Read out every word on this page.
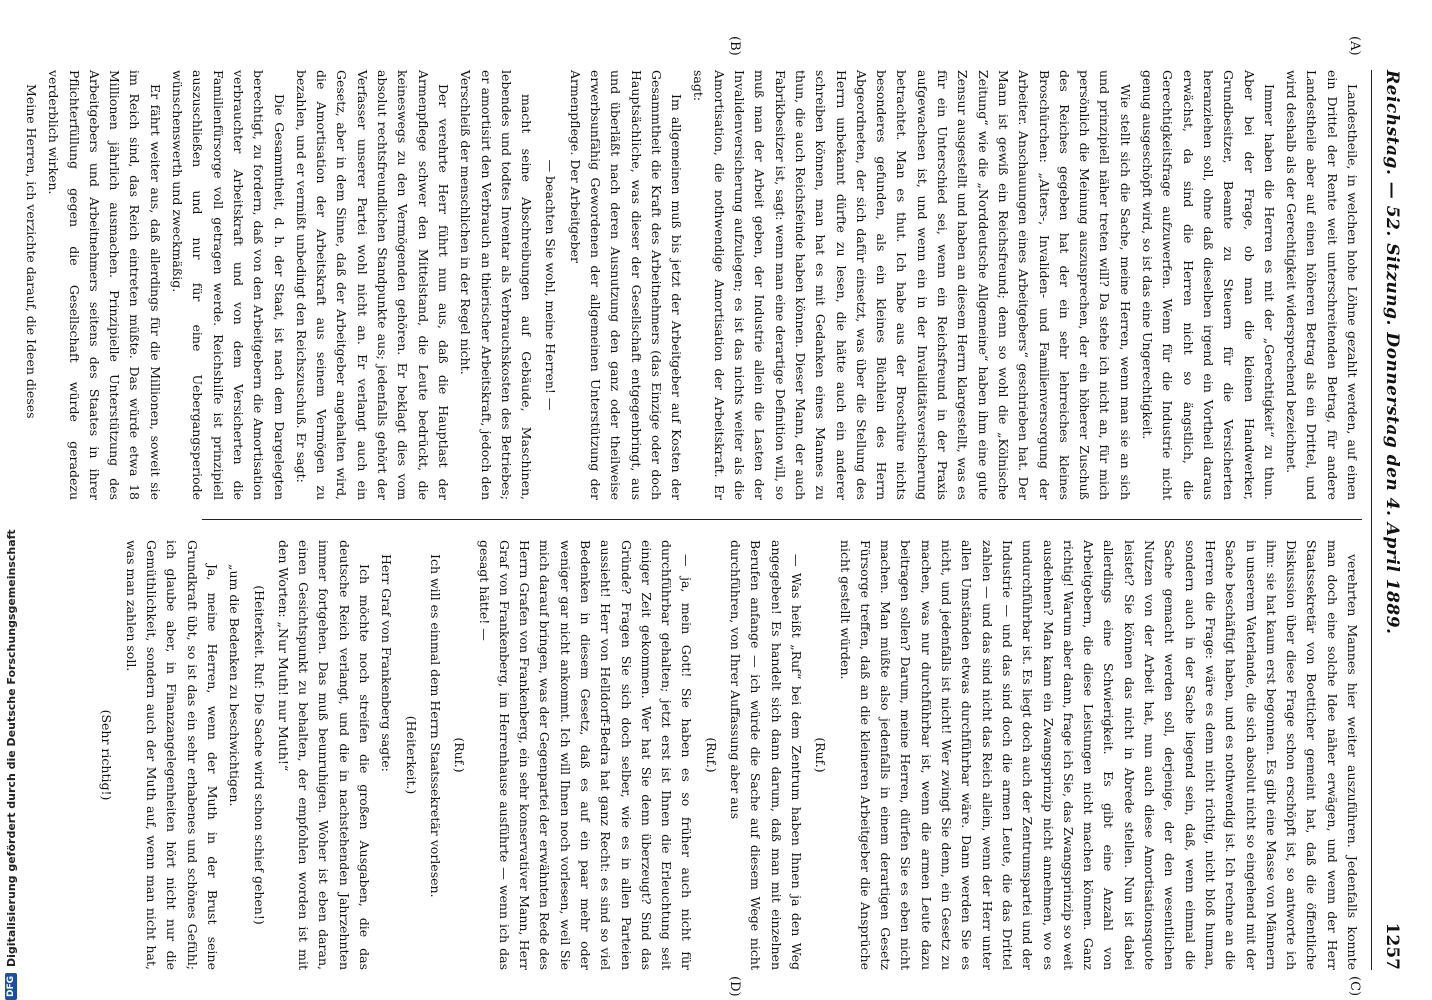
Reichstag. — 52. Sitzung. Donnerstag den 4. April 1889.
1257
(A)
(B)
(C)
(D)

Landestheile, in welchen hohe Löhne gezahlt werden, auf einen ein Drittel der Rente weit unterschreitenden Betrag, für andere Landestheile aber auf einen höheren Betrag als ein Drittel, und wird deshalb als der Gerechtigkeit widersprechend bezeichnet.

Immer haben die Herren es mit der „Gerechtigkeit“ zu thun. Aber bei der Frage, ob man die kleinen Handwerker, Grundbesitzer, Beamte zu Steuern für die Versicherten heranziehen soll, ohne daß dieselben irgend ein Vortheil daraus erwächst, da sind die Herren nicht so ängstlich, die Gerechtigkeitsfrage aufzuwerfen. Wenn für die Industrie nicht genug ausgeschöpft wird, so ist das eine Ungerechtigkeit.

Wie stellt sich die Sache, meine Herren, wenn man sie an sich und prinzipiell näher treten will? Da stehe ich nicht an, für mich persönlich die Meinung auszusprechen, der ein höherer Zuschuß des Reiches gegeben hat der ein sehr lehrreiches kleines Broschürchen: „Alters-, Invaliden- und Familienversorgung der Arbeiter. Anschauungen eines Arbeitgebers“ geschrieben hat. Der Mann ist gewiß ein Reichsfreund; denn so wohl die „Kölnische Zeitung“ wie die „Norddeutsche Allgemeine“ haben ihm eine gute Zensur ausgestellt und haben an diesem Herrn klargestellt, was es für ein Unterschied sei, wenn ein Reichsfreund in der Praxis aufgewachsen ist, und wenn ein in der Invaliditätsversicherung betrachtet. Man es thut. Ich habe aus der Broschüre nichts besonderes gefunden, als ein kleines Büchlein des Herrn Abgeordneten, der sich dafür einsetzt, was über die Stellung des Herrn unbekannt dürfte zu lesen, die hätte auch ein anderer schreiben können, man hat es mit Gedanken eines Mannes zu thun, die auch Reichsfeinde haben können. Dieser Mann, der auch Fabrikbesitzer ist, sagt: wenn man eine derartige Definition will, so muß man der Arbeit geben, der Industrie allein die Lasten der Invalidenversicherung aufzulegen; es ist das nichts weiter als die Amortisation, die nothwendige Amortisation der Arbeitskraft. Er sagt:

Im allgemeinen muß bis jetzt der Arbeitgeber auf Kosten der Gesammtheit die Kraft des Arbeitnehmers (das Einzige oder doch Hauptsächliche, was dieser der Gesellschaft entgegenbringt, aus und überläßt nach deren Ausnutzung den ganz oder theilweise erwerbsunfähig Gewordenen der allgemeinen Unterstützung der Armenpflege. Der Arbeitgeber

— beachten Sie wohl, meine Herren! —

macht seine Abschreibungen auf Gebäude, Maschinen, lebendes und todtes Inventar als Verbrauchskosten des Betriebes; er amortisirt den Verbrauch an thierischer Arbeitskraft, jedoch den Verschleiß der menschlichen in der Regel nicht.

Der verehrte Herr führt nun aus, daß die Hauptlast der Armenpflege schwer den Mittelstand, die Leute bedrückt, die keineswegs zu den Vermögenden gehören. Er beklagt dies vom absolut rechtsfreundlichen Standpunkte aus; jedenfalls gehört der Verfasser unserer Partei wohl nicht an. Er verlangt auch ein Gesetz, aber in dem Sinne, daß der Arbeitgeber angehalten wird, die Amortisation der Arbeitskraft aus seinem Vermögen zu bezahlen, und er vermißt unbedingt den Reichszuschuß. Er sagt:

Die Gesammtheit, d. h. der Staat, ist nach dem Dargelegten berechtigt, zu fordern, daß von den Arbeitgebern die Amortisation verbrauchter Arbeitskraft und von dem Versicherten die Familienfürsorge voll getragen werde. Reichshilfe ist prinzipiell auszuschließen und nur für eine Uebergangsperiode wünschenswerth und zweckmäßig.

Er fährt weiter aus, daß allerdings für die Millionen, soweit sie im Reich sind, das Reich eintreten müßte. Das würde etwa 18 Millionen jährlich ausmachen. Prinzipielle Unterstützung des Arbeitgebers und Arbeitnehmers seitens des Staates in ihrer Pflichterfüllung gegen die Gesellschaft würde geradezu verderblich wirken.

Meine Herren, ich verzichte darauf, die Ideen dieses

verehrten Mannes hier weiter auszuführen. Jedenfalls konnte man doch eine solche Idee näher erwägen, und wenn der Herr Staatssekretär von Boetticher gemeint hat, daß die öffentliche Diskussion über diese Frage schon erschöpft ist, so antworte ich ihm: sie hat kaum erst begonnen. Es gibt eine Masse von Männern in unserem Vaterlande, die sich absolut nicht so eingehend mit der Sache beschäftigt haben, und es nothwendig ist. Ich rechne an die Herren die Frage: wäre es denn nicht richtig, nicht bloß human, sondern auch in der Sache liegend sein, daß, wenn einmal die Sache gemacht werden soll, derjenige, der den wesentlichen Nutzen von der Arbeit hat, nun auch diese Amortisationsquote leistet? Sie können das nicht in Abrede stellen. Nun ist dabei allerdings eine Schwierigkeit. Es gibt eine Anzahl von Arbeitgebern, die diese Leistungen nicht machen können. Ganz richtig! Warum aber dann, frage ich Sie, das Zwangsprinzip so weit ausdehnen? Man kann ein Zwangsprinzip nicht annehmen, wo es undurchführbar ist. Es liegt doch auch der Zentrumspartei und der Industrie — und das sind doch die armen Leute, die das Drittel zahlen — und das sind nicht das Reich allein, wenn der Herr unter allen Umständen etwas durchführbar wäre. Dann werden Sie es nicht, und jedenfalls ist nicht! Wer zwingt Sie denn, ein Gesetz zu machen, was nur durchführbar ist, wenn die armen Leute dazu beitragen sollen? Darum, meine Herren, dürfen Sie es eben nicht machen. Man müßte also jedenfalls in einem derartigen Gesetz Fürsorge treffen, daß an die kleineren Arbeitgeber die Ansprüche nicht gestellt würden.

(Ruf.)

— Was heißt „Ruf“ bei dem Zentrum haben Ihnen ja den Weg angegeben! Es handelt sich dann darum, daß man mit einzelnen Berufen anfange — ich würde die Sache auf diesem Wege nicht durchführen, von Ihrer Auffassung aber aus

(Ruf.)

— ja, mein Gott! Sie haben es so früher auch nicht für durchführbar gehalten; jetzt erst ist Ihnen die Erleuchtung seit einiger Zeit gekommen. Wer hat Sie denn überzeugt? Sind das Gründe? Fragen Sie sich doch selber, wie es in allen Parteien aussieht! Herr von Helldorff-Bedra hat ganz Recht: es sind so viel Bedenken in diesem Gesetz, daß es auf ein paar mehr oder weniger gar nicht ankommt. Ich will Ihnen noch vorlesen, weil Sie mich darauf bringen, was der Gegenpartei der erwähnten Rede des Herrn Grafen von Frankenberg, ein sehr konservativer Mann, Herr Graf von Frankenberg, im Herrenhause ausführte — wenn ich das gesagt hätte! —

(Ruf.)

Ich will es einmal dem Herrn Staatssekretär vorlesen.

(Heiterkeit.)

Herr Graf von Frankenberg sagte:

Ich möchte noch streifen die großen Ausgaben, die das deutsche Reich verlangt, und die in nachstehenden Jahrzehnten immer fortgehen. Das muß beunruhigen. Woher ist eben daran, einen Gesichtspunkt zu behalten, der empfohlen worden ist mit den Worten: „Nur Muth! nur Muth!“

(Heiterkeit. Ruf: Die Sache wird schon schief gehen!)

„um die Bedenken zu beschwichtigen.

Ja, meine Herren, wenn der Muth in der Brust seine Grundkraft übt, so ist das ein sehr erhabenes und schönes Gefühl; ich glaube aber, in Finanzangelegenheiten hört nicht nur die Gemüthlichkeit, sondern auch der Muth auf, wenn man nicht hat, was man zahlen soll.

(Sehr richtig!)

DFG
Digitalisierung gefördert durch die Deutsche Forschungsgemeinschaft
